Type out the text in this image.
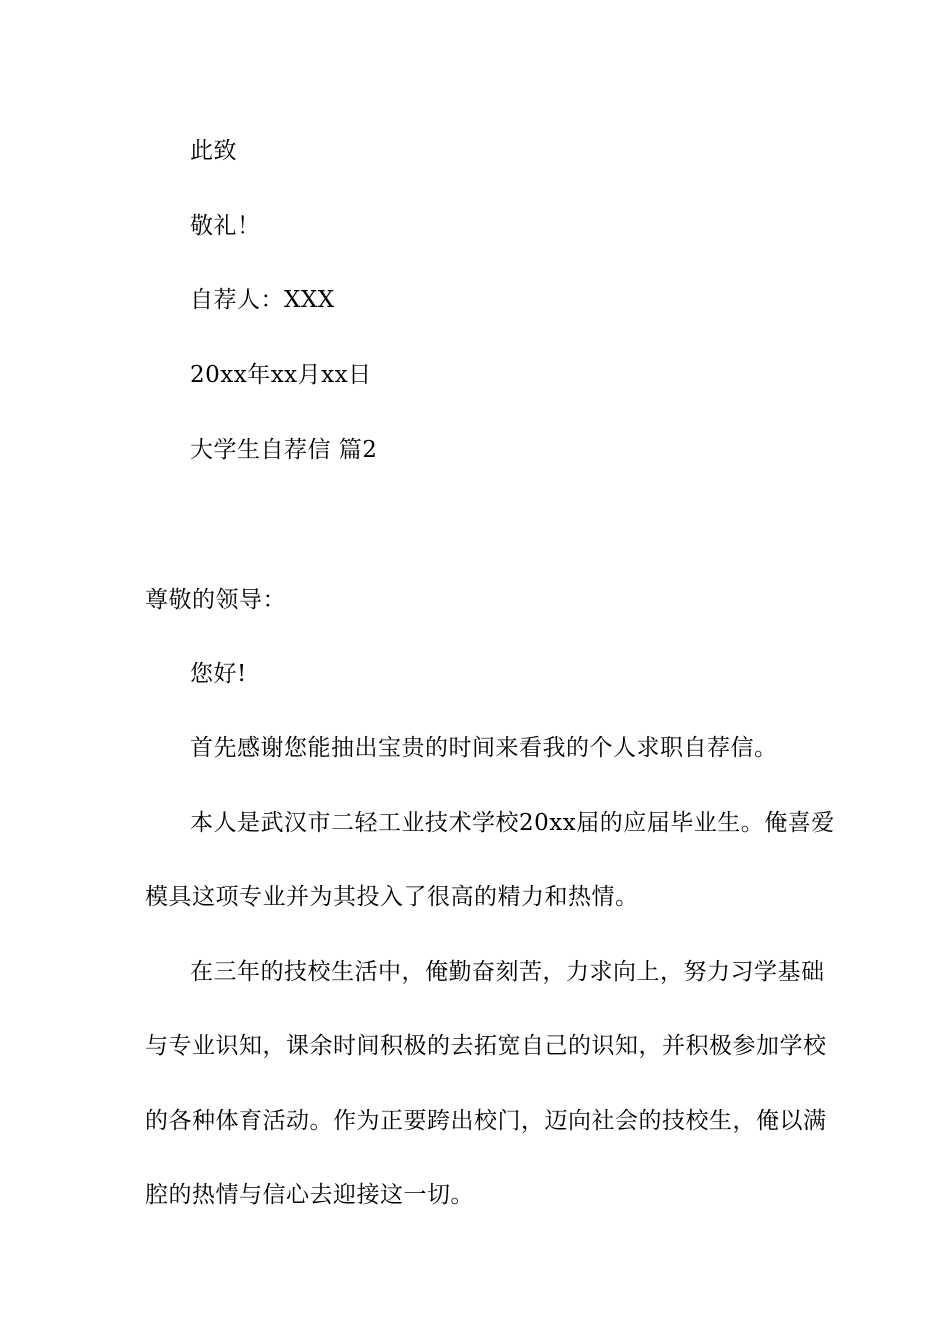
此致
敬礼！
自荐人：XXX
20xx年xx月xx日
大学生自荐信 篇2
尊敬的领导：
您好!
首先感谢您能抽出宝贵的时间来看我的个人求职自荐信。
本人是武汉市二轻工业技术学校20xx届的应届毕业生。俺喜爱
模具这项专业并为其投入了很高的精力和热情。
在三年的技校生活中，俺勤奋刻苦，力求向上，努力习学基础
与专业识知，课余时间积极的去拓宽自己的识知，并积极参加学校
的各种体育活动。作为正要跨出校门，迈向社会的技校生，俺以满
腔的热情与信心去迎接这一切。
